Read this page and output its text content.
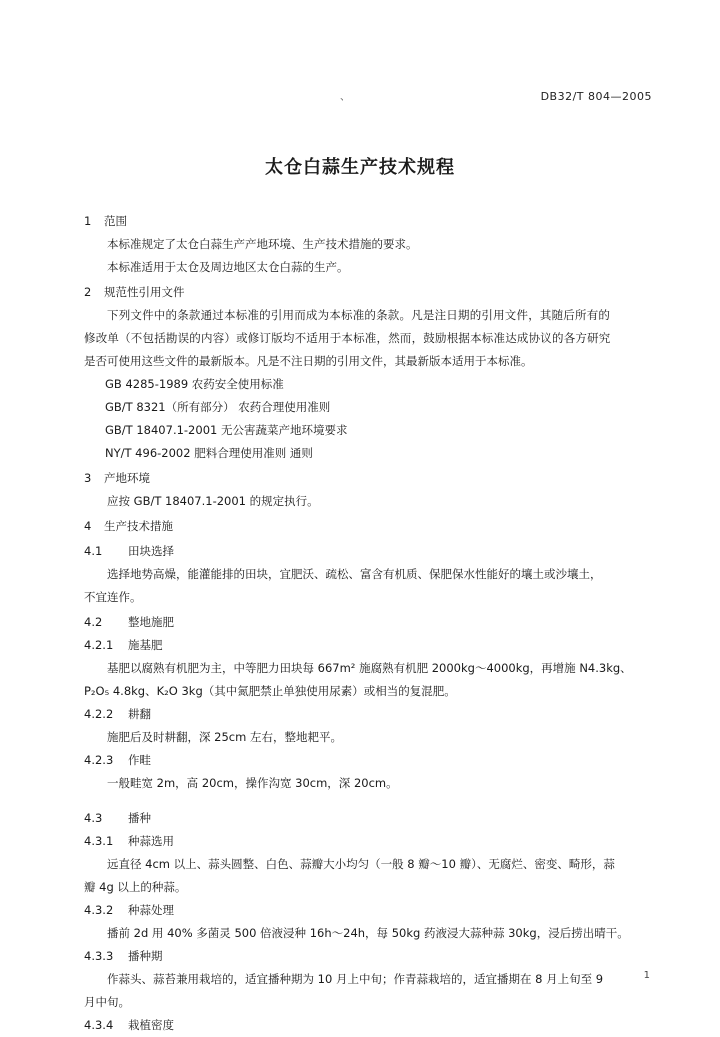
DB32/T 804—2005
、
太仓白蒜生产技术规程
1	范围
本标准规定了太仓白蒜生产产地环境、生产技术措施的要求。
本标准适用于太仓及周边地区太仓白蒜的生产。
2	规范性引用文件
下列文件中的条款通过本标准的引用而成为本标准的条款。凡是注日期的引用文件，其随后所有的
修改单（不包括勘误的内容）或修订版均不适用于本标准，然而，鼓励根据本标准达成协议的各方研究
是否可使用这些文件的最新版本。凡是不注日期的引用文件，其最新版本适用于本标准。
GB 4285-1989 农药安全使用标准
GB/T 8321（所有部分） 农药合理使用准则
GB/T 18407.1-2001 无公害蔬菜产地环境要求
NY/T 496-2002 肥料合理使用准则 通则
3	产地环境
应按 GB/T 18407.1-2001 的规定执行。
4	生产技术措施
4.1	田块选择
选择地势高燥，能灌能排的田块，宜肥沃、疏松、富含有机质、保肥保水性能好的壤土或沙壤土，
不宜连作。
4.2	整地施肥
4.2.1	施基肥
基肥以腐熟有机肥为主，中等肥力田块每 667m² 施腐熟有机肥 2000kg～4000kg，再增施 N4.3kg、
P₂O₅ 4.8kg、K₂O 3kg（其中氮肥禁止单独使用尿素）或相当的复混肥。
4.2.2	耕翻
施肥后及时耕翻，深 25cm 左右，整地耙平。
4.2.3	作畦
一般畦宽 2m，高 20cm，操作沟宽 30cm，深 20cm。
4.3	播种
4.3.1	种蒜选用
远直径 4cm 以上、蒜头圆整、白色、蒜瓣大小均匀（一般 8 瓣～10 瓣）、无腐烂、密变、畸形，蒜
瓣 4g 以上的种蒜。
4.3.2	种蒜处理
播前 2d 用 40% 多菌灵 500 倍液浸种 16h～24h，每 50kg 药液浸大蒜种蒜 30kg，浸后捞出晴干。
4.3.3	播种期
作蒜头、蒜苔兼用栽培的，适宜播种期为 10 月上中旬；作青蒜栽培的，适宜播期在 8 月上旬至 9
月中旬。
4.3.4	栽植密度
1
